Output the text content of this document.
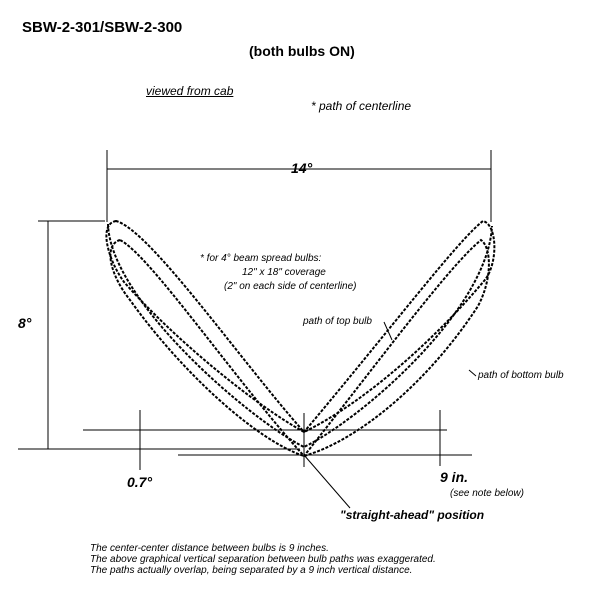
SBW-2-301/SBW-2-300
(both bulbs ON)
viewed from cab
* path of centerline
14°
8°
0.7°	9 in.
(see note below)
* for 4° beam spread bulbs:
12" x 18" coverage
(2" on each side of centerline)
path of top bulb
path of bottom bulb
"straight-ahead" position
The center-center distance between bulbs is 9 inches.
The above graphical vertical separation between bulb paths was exaggerated.
The paths actually overlap, being separated by a 9 inch vertical distance.
